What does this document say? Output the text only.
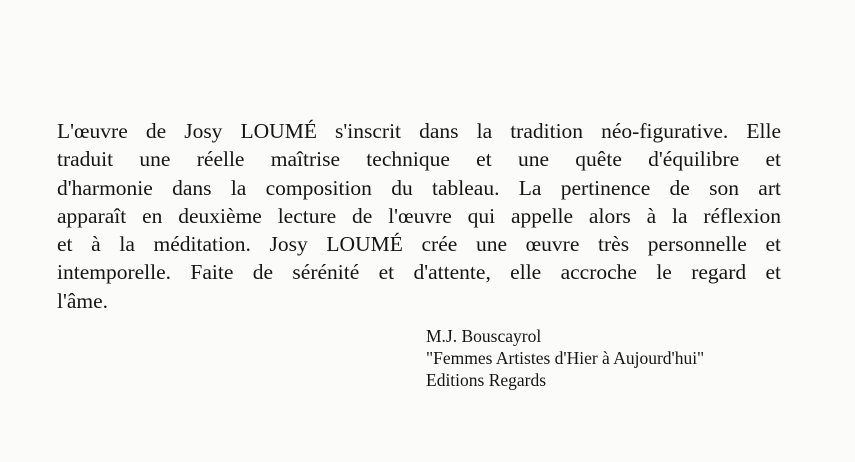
L'œuvre de Josy LOUMÉ s'inscrit dans la tradition néo-figurative. Elle
traduit une réelle maîtrise technique et une quête d'équilibre et
d'harmonie dans la composition du tableau. La pertinence de son art
apparaît en deuxième lecture de l'œuvre qui appelle alors à la réflexion
et à la méditation. Josy LOUMÉ crée une œuvre très personnelle et
intemporelle. Faite de sérénité et d'attente, elle accroche le regard et
l'âme.

M.J. Bouscayrol
"Femmes Artistes d'Hier à Aujourd'hui"
Editions Regards
